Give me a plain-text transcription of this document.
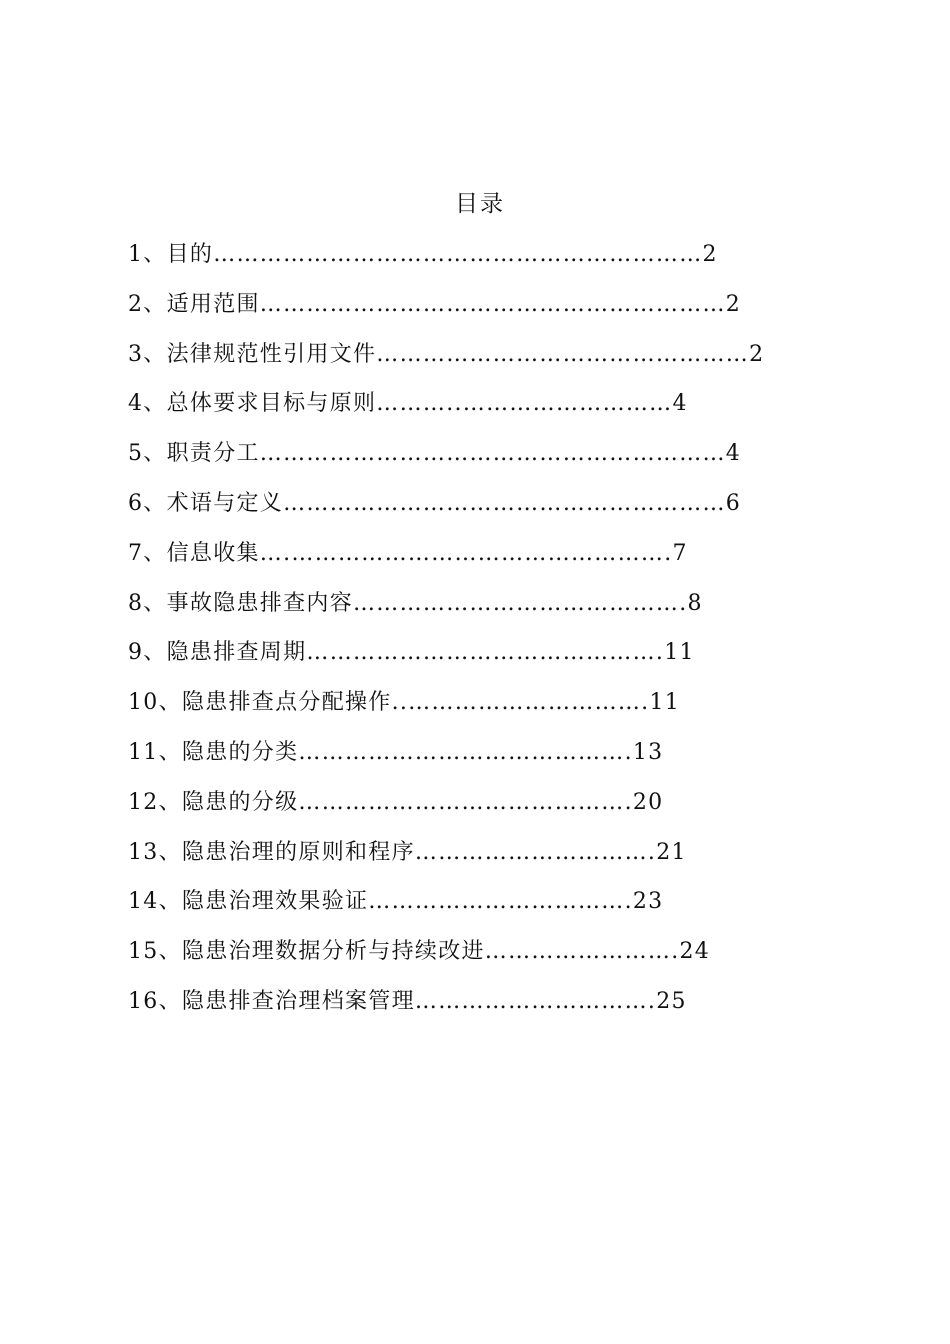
目录
1、目的………………………………………………………2
2、适用范围……………………………………………………2
3、法律规范性引用文件…………………………………………2
4、总体要求目标与原则………..………………………4
5、职责分工……………………………………………………4
6、术语与定义…………………………………………………6
7、信息收集….………………………………………….7
8、事故隐患排查内容…………………………………….8
9、隐患排查周期……………………………………….11
10、隐患排查点分配操作..………………………….11
11、隐患的分类…………………………………….13
12、隐患的分级…………………………………….20
13、隐患治理的原则和程序………………………….21
14、隐患治理效果验证…………………………….23
15、隐患治理数据分析与持续改进…………………….24
16、隐患排查治理档案管理………………………….25
